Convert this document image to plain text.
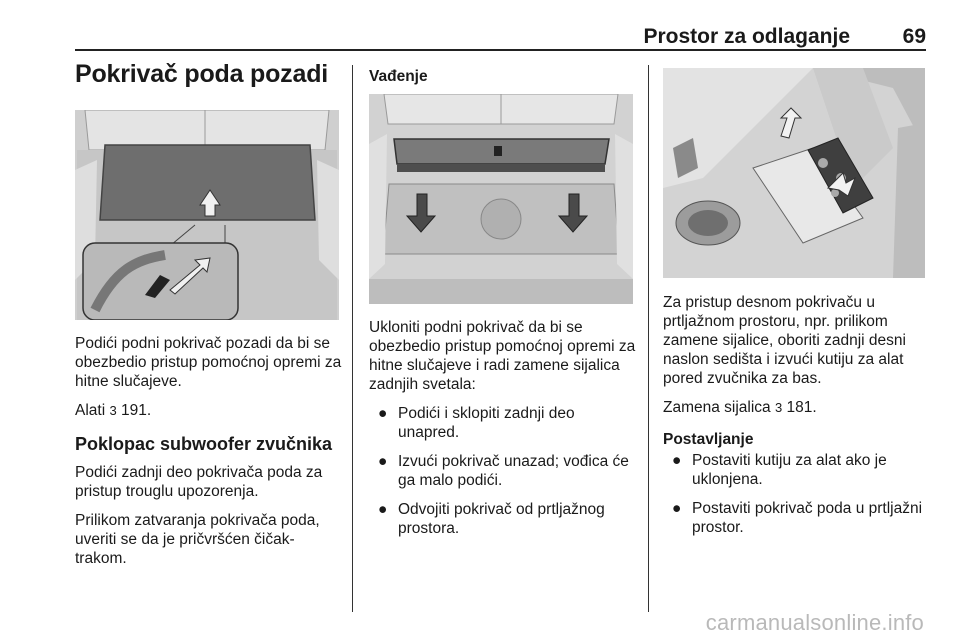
Prostor za odlaganje	69
Pokrivač poda pozadi

Podići podni pokrivač pozadi da bi se obezbedio pristup pomoćnoj opremi za hitne slučajeve.

Alati 3 191.

Poklopac subwoofer zvučnika

Podići zadnji deo pokrivača poda za pristup trouglu upozorenja.

Prilikom zatvaranja pokrivača poda, uveriti se da je pričvršćen čičak-trakom.

Vađenje

Ukloniti podni pokrivač da bi se obezbedio pristup pomoćnoj opremi za hitne slučajeve i radi zamene sijalica zadnjih svetala:

● Podići i sklopiti zadnji deo unapred.
● Izvući pokrivač unazad; vođica će ga malo podići.
● Odvojiti pokrivač od prtljažnog prostora.

Za pristup desnom pokrivaču u prtljažnom prostoru, npr. prilikom zamene sijalice, oboriti zadnji desni naslon sedišta i izvući kutiju za alat pored zvučnika za bas.

Zamena sijalica 3 181.

Postavljanje
● Postaviti kutiju za alat ako je uklonjena.
● Postaviti pokrivač poda u prtljažni prostor.
carmanualsonline.info
